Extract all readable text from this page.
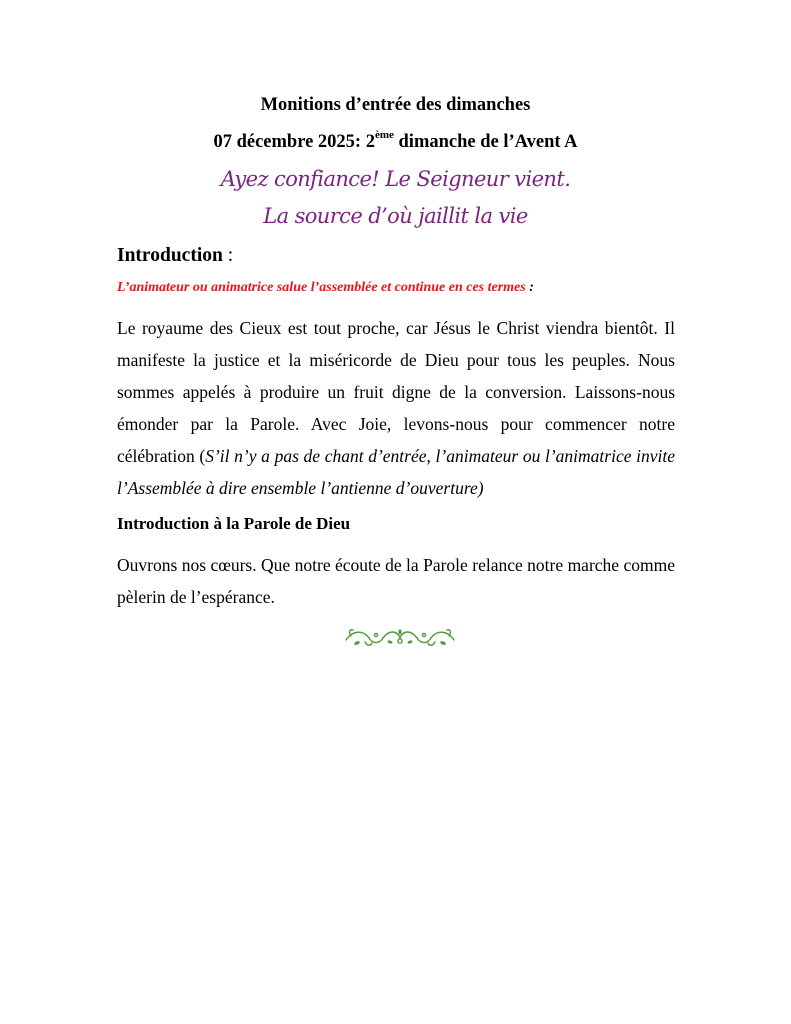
Monitions d’entrée des dimanches
07 décembre 2025: 2ème dimanche de l’Avent A
Ayez confiance! Le Seigneur vient.
La source d’où jaillit la vie
Introduction :
L’animateur ou animatrice salue l’assemblée et continue en ces termes :
Le royaume des Cieux est tout proche, car Jésus le Christ viendra bientôt. Il manifeste la justice et la miséricorde de Dieu pour tous les peuples. Nous sommes appelés à produire un fruit digne de la conversion. Laissons-nous émonder par la Parole. Avec Joie, levons-nous pour commencer notre célébration (S’il n’y a pas de chant d’entrée, l’animateur ou l’animatrice invite l’Assemblée à dire ensemble l’antienne d’ouverture)
Introduction à la Parole de Dieu
Ouvrons nos cœurs. Que notre écoute de la Parole relance notre marche comme pèlerin de l’espérance.
